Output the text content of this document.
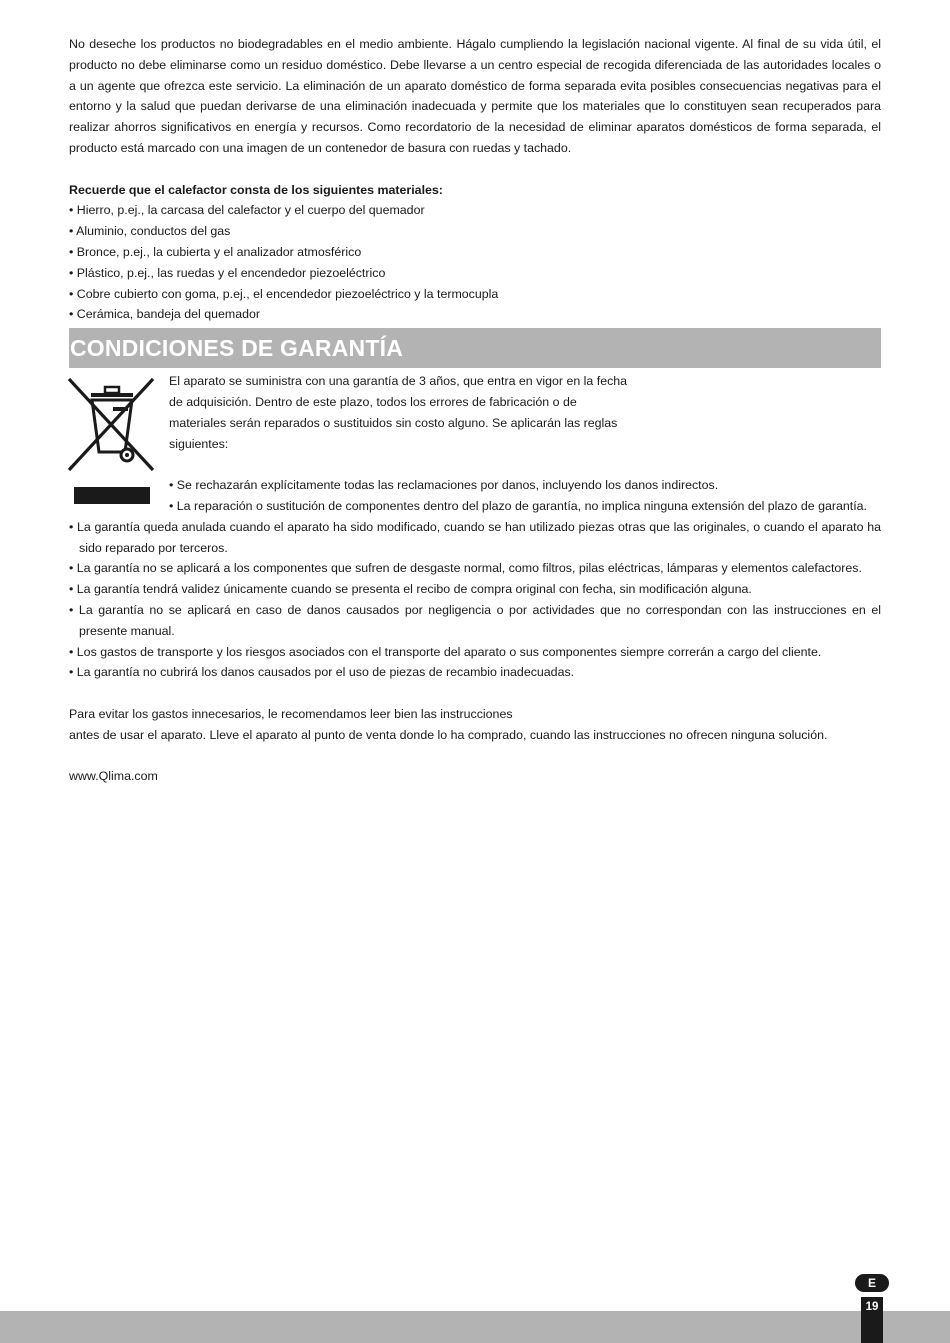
No deseche los productos no biodegradables en el medio ambiente. Hágalo cumpliendo la legislación nacional vigente. Al final de su vida útil, el producto no debe eliminarse como un residuo doméstico. Debe llevarse a un centro especial de recogida diferenciada de las autoridades locales o a un agente que ofrezca este servicio. La eliminación de un aparato doméstico de forma separada evita posibles consecuencias negativas para el entorno y la salud que puedan derivarse de una eliminación inadecuada y permite que los materiales que lo constituyen sean recuperados para realizar ahorros significativos en energía y recursos. Como recordatorio de la necesidad de eliminar aparatos domésticos de forma separada, el producto está marcado con una imagen de un contenedor de basura con ruedas y tachado.

Recuerde que el calefactor consta de los siguientes materiales:

• Hierro, p.ej., la carcasa del calefactor y el cuerpo del quemador

• Aluminio, conductos del gas

• Bronce, p.ej., la cubierta y el analizador atmosférico

• Plástico, p.ej., las ruedas y el encendedor piezoeléctrico

• Cobre cubierto con goma, p.ej., el encendedor piezoeléctrico y la termocupla

• Cerámica, bandeja del quemador

CONDICIONES DE GARANTÍA

El aparato se suministra con una garantía de 3 años, que entra en vigor en la fecha de adquisición. Dentro de este plazo, todos los errores de fabricación o de materiales serán reparados o sustituidos sin costo alguno. Se aplicarán las reglas siguientes:

• Se rechazarán explícitamente todas las reclamaciones por danos, incluyendo los danos indirectos.

• La reparación o sustitución de componentes dentro del plazo de garantía, no implica ninguna extensión del plazo de garantía.

• La garantía queda anulada cuando el aparato ha sido modificado, cuando se han utilizado piezas otras que las originales, o cuando el aparato ha sido reparado por terceros.

• La garantía no se aplicará a los componentes que sufren de desgaste normal, como filtros, pilas eléctricas, lámparas y elementos calefactores.

• La garantía tendrá validez únicamente cuando se presenta el recibo de compra original con fecha, sin modificación alguna.

• La garantía no se aplicará en caso de danos causados por negligencia o por actividades que no correspondan con las instrucciones en el presente manual.

• Los gastos de transporte y los riesgos asociados con el transporte del aparato o sus componentes siempre correrán a cargo del cliente.

• La garantía no cubrirá los danos causados por el uso de piezas de recambio inadecuadas.

Para evitar los gastos innecesarios, le recomendamos leer bien las instrucciones

antes de usar el aparato. Lleve el aparato al punto de venta donde lo ha comprado, cuando las instrucciones no ofrecen ninguna solución.

www.Qlima.com

E
19
